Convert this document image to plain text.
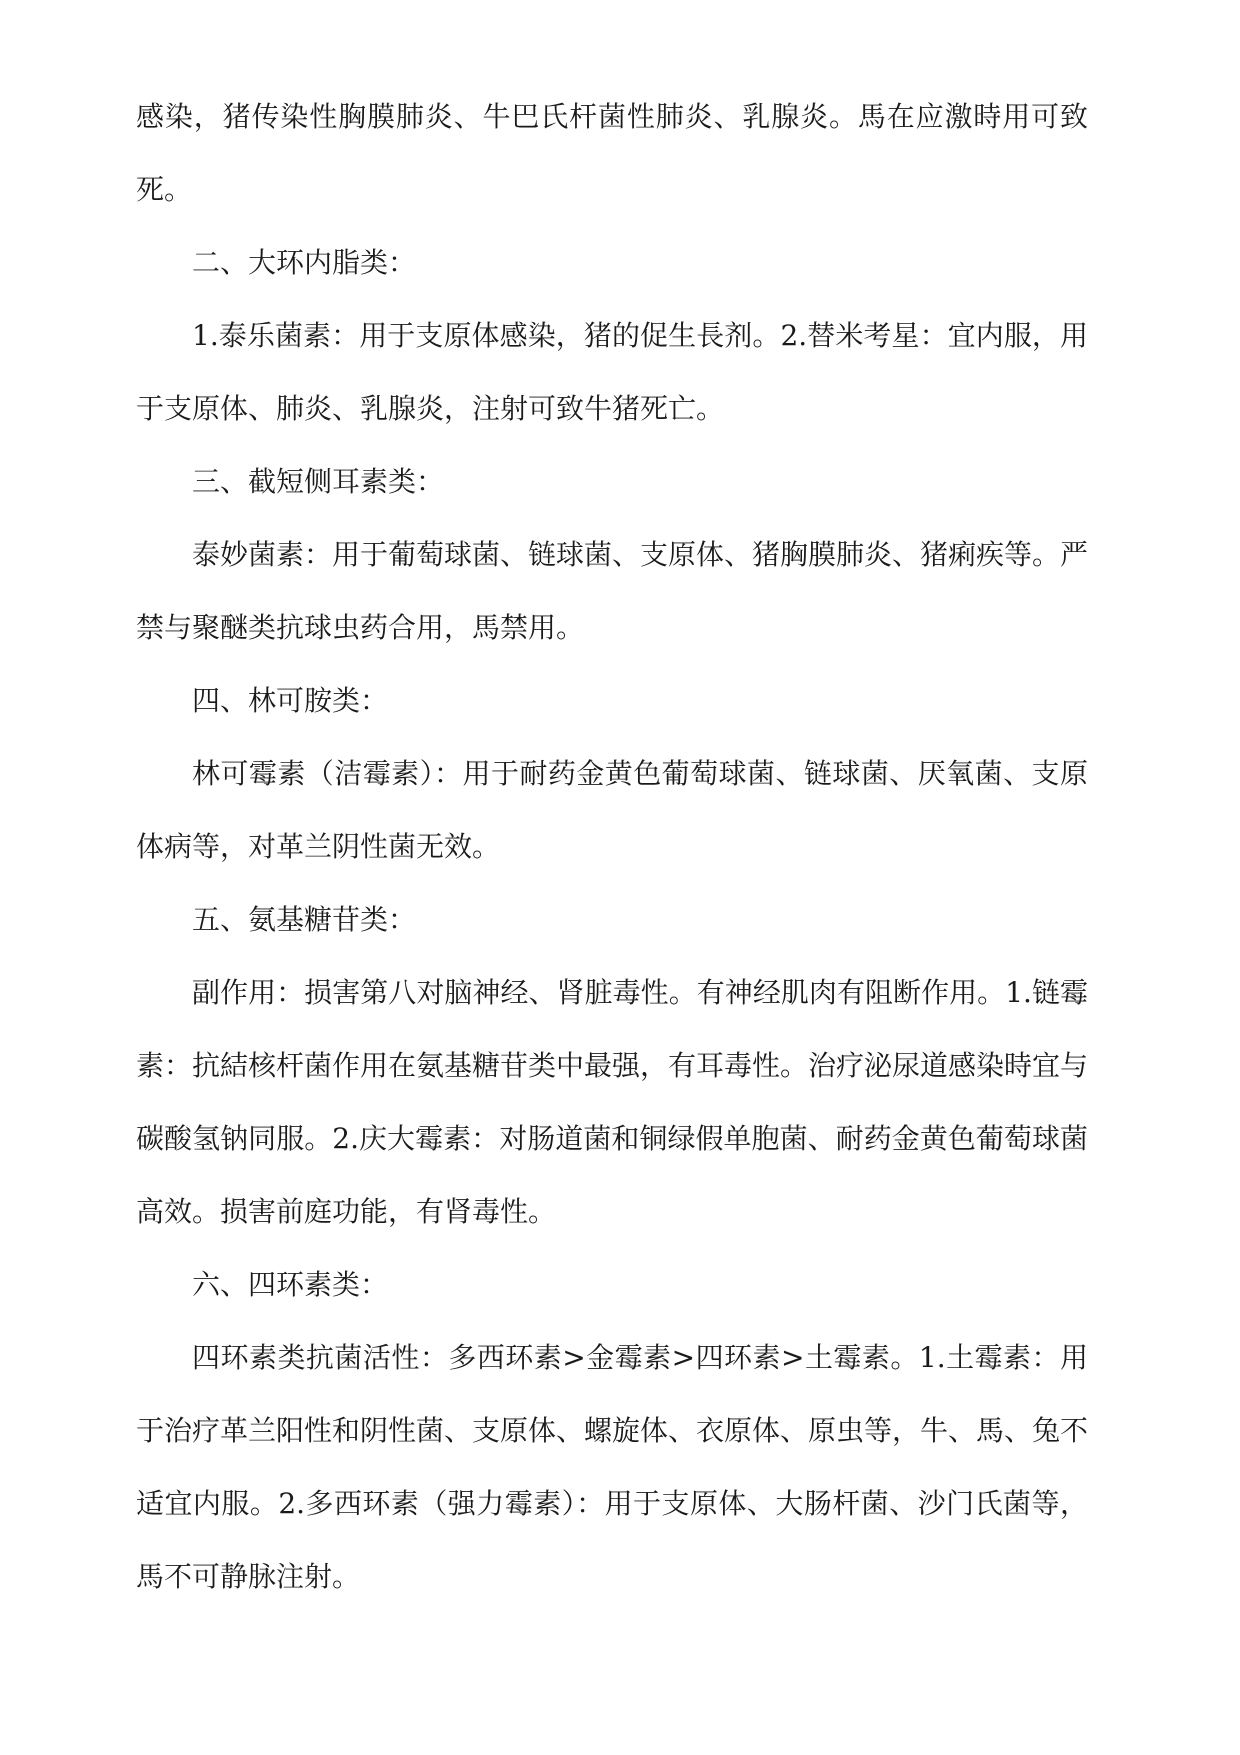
感染，猪传染性胸膜肺炎、牛巴氏杆菌性肺炎、乳腺炎。馬在应激時用可致死。

二、大环内脂类：

1.泰乐菌素：用于支原体感染，猪的促生長剂。2.替米考星：宜内服，用于支原体、肺炎、乳腺炎，注射可致牛猪死亡。

三、截短侧耳素类：

泰妙菌素：用于葡萄球菌、链球菌、支原体、猪胸膜肺炎、猪痢疾等。严禁与聚醚类抗球虫药合用，馬禁用。

四、林可胺类：

林可霉素（洁霉素）：用于耐药金黄色葡萄球菌、链球菌、厌氧菌、支原体病等，对革兰阴性菌无效。

五、氨基糖苷类：

副作用：损害第八对脑神经、肾脏毒性。有神经肌肉有阻断作用。1.链霉素：抗結核杆菌作用在氨基糖苷类中最强，有耳毒性。治疗泌尿道感染時宜与碳酸氢钠同服。2.庆大霉素：对肠道菌和铜绿假单胞菌、耐药金黄色葡萄球菌高效。损害前庭功能，有肾毒性。

六、四环素类：

四环素类抗菌活性：多西环素>金霉素>四环素>土霉素。1.土霉素：用于治疗革兰阳性和阴性菌、支原体、螺旋体、衣原体、原虫等，牛、馬、兔不适宜内服。2.多西环素（强力霉素）：用于支原体、大肠杆菌、沙门氏菌等，馬不可静脉注射。
